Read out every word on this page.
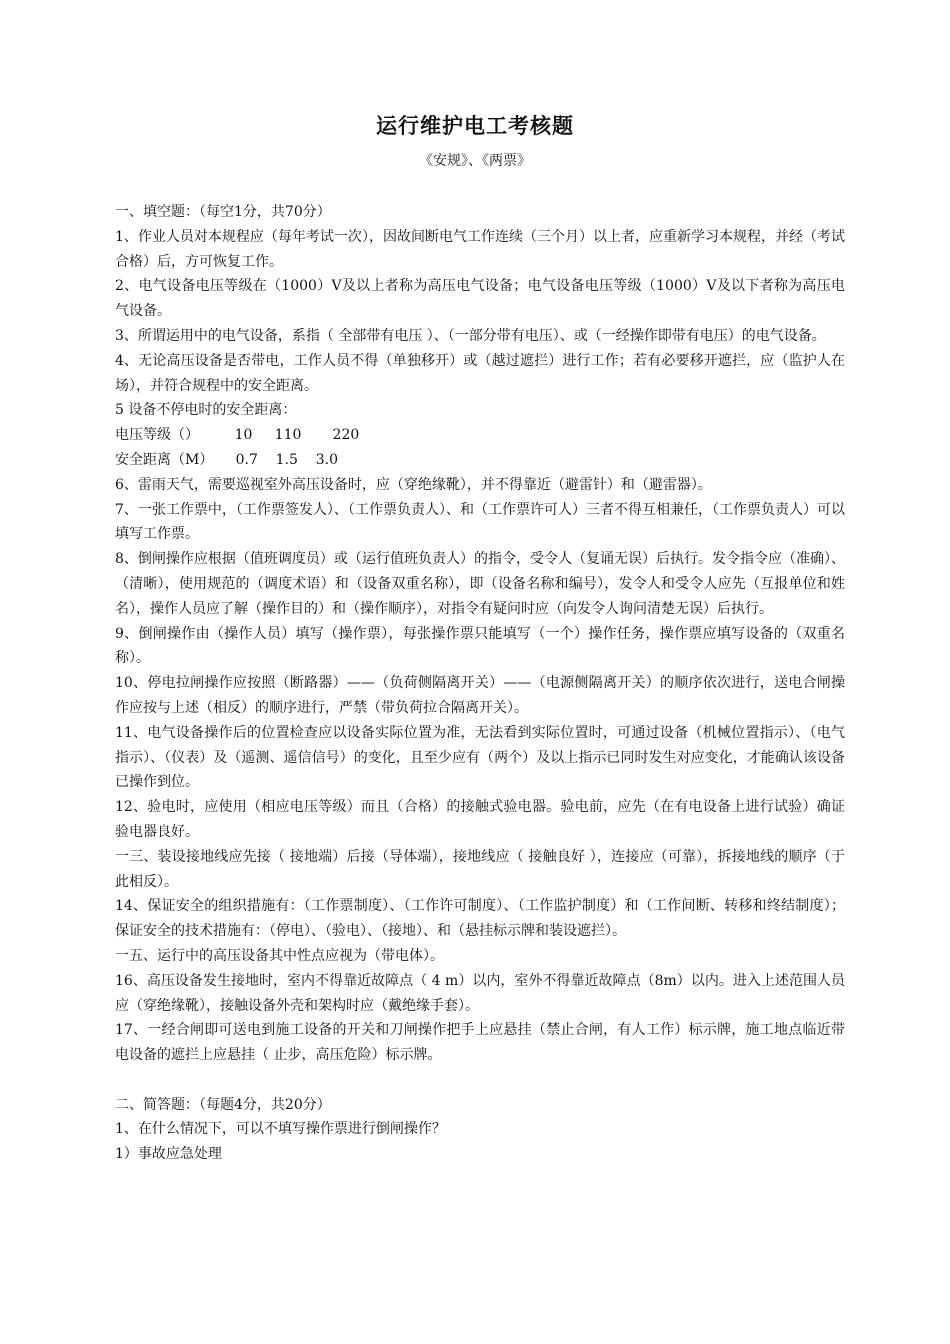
运行维护电工考核题
《安规》、《两票》
一、填空题：（每空1分，共70分）
1、作业人员对本规程应（每年考试一次），因故间断电气工作连续（三个月）以上者，应重新学习本规程，并经（考试合格）后，方可恢复工作。
2、电气设备电压等级在（1000）V及以上者称为高压电气设备；电气设备电压等级（1000）V及以下者称为高压电气设备。
3、所谓运用中的电气设备，系指（ 全部带有电压 ）、（一部分带有电压）、或（一经操作即带有电压）的电气设备。
4、无论高压设备是否带电，工作人员不得（单独移开）或（越过遮拦）进行工作；若有必要移开遮拦，应（监护人在场），并符合规程中的安全距离。
5 设备不停电时的安全距离：
电压等级（）        10     110       220
安全距离（M）     0.7    1.5    3.0
6、雷雨天气，需要巡视室外高压设备时，应（穿绝缘靴），并不得靠近（避雷针）和（避雷器）。
7、一张工作票中，（工作票签发人）、（工作票负责人）、和（工作票许可人）三者不得互相兼任，（工作票负责人）可以填写工作票。
8、倒闸操作应根据（值班调度员）或（运行值班负责人）的指令，受令人（复诵无误）后执行。发令指令应（准确）、（清晰），使用规范的（调度术语）和（设备双重名称），即（设备名称和编号），发令人和受令人应先（互报单位和姓名），操作人员应了解（操作目的）和（操作顺序），对指令有疑问时应（向发令人询问清楚无误）后执行。
9、倒闸操作由（操作人员）填写（操作票），每张操作票只能填写（一个）操作任务，操作票应填写设备的（双重名称）。
10、停电拉闸操作应按照（断路器）——（负荷侧隔离开关）——（电源侧隔离开关）的顺序依次进行，送电合闸操作应按与上述（相反）的顺序进行，严禁（带负荷拉合隔离开关）。
11、电气设备操作后的位置检查应以设备实际位置为准，无法看到实际位置时，可通过设备（机械位置指示）、（电气指示）、（仪表）及（遥测、遥信信号）的变化，且至少应有（两个）及以上指示已同时发生对应变化，才能确认该设备已操作到位。
12、验电时，应使用（相应电压等级）而且（合格）的接触式验电器。验电前，应先（在有电设备上进行试验）确证验电器良好。
一三、装设接地线应先接（ 接地端）后接（导体端），接地线应（ 接触良好 ），连接应（可靠），拆接地线的顺序（于此相反）。
14、保证安全的组织措施有：（工作票制度）、（工作许可制度）、（工作监护制度）和（工作间断、转移和终结制度）；保证安全的技术措施有：（停电）、（验电）、（接地）、和（悬挂标示牌和装设遮拦）。
一五、运行中的高压设备其中性点应视为（带电体）。
16、高压设备发生接地时，室内不得靠近故障点（ 4 m）以内，室外不得靠近故障点（8m）以内。进入上述范围人员应（穿绝缘靴），接触设备外壳和架构时应（戴绝缘手套）。
17、一经合闸即可送电到施工设备的开关和刀闸操作把手上应悬挂（禁止合闸，有人工作）标示牌，施工地点临近带电设备的遮拦上应悬挂（ 止步，高压危险）标示牌。
二、简答题：（每题4分，共20分）
1、在什么情况下，可以不填写操作票进行倒闸操作？
1）事故应急处理
